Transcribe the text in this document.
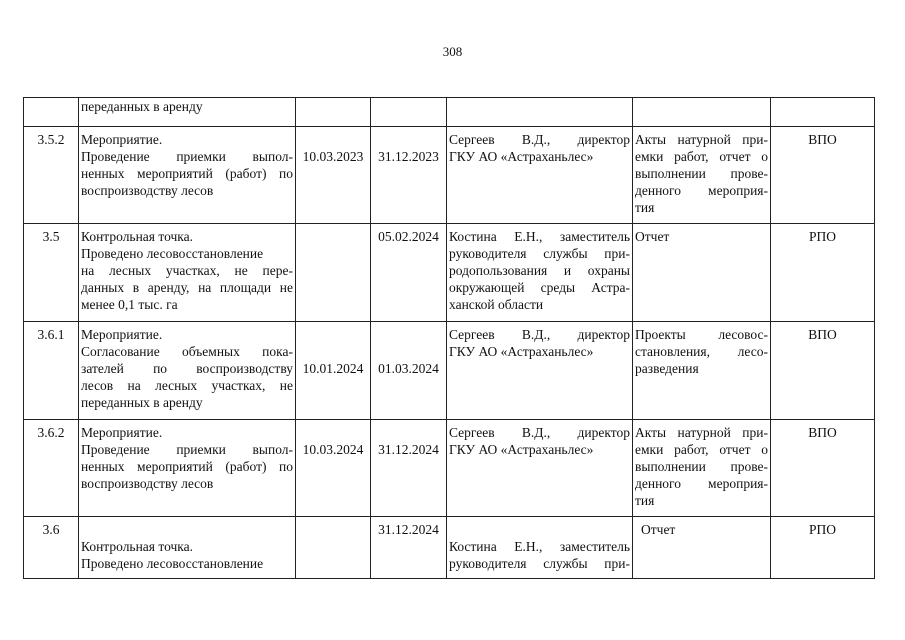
308

	переданных в аренду					

3.5.2	Мероприятие.
Проведение приемки выпол-
ненных мероприятий (работ) по
воспроизводству лесов	10.03.2023	31.12.2023	Сергеев В.Д., директор
ГКУ АО «Астраханьлес»	Акты натурной при-
емки работ, отчет о
выполнении прове-
денного мероприя-
тия	ВПО
3.5	Контрольная точка.
Проведено лесовосстановление
на лесных участках, не пере-
данных в аренду, на площади не
менее 0,1 тыс. га		05.02.2024	Костина Е.Н., заместитель
руководителя службы при-
родопользования и охраны
окружающей среды Астра-
ханской области	Отчет	РПО
3.6.1	Мероприятие.
Согласование объемных пока-
зателей по воспроизводству
лесов на лесных участках, не
переданных в аренду	10.01.2024	01.03.2024	Сергеев В.Д., директор
ГКУ АО «Астраханьлес»	Проекты лесовос-
становления, лесо-
разведения	ВПО
3.6.2	Мероприятие.
Проведение приемки выпол-
ненных мероприятий (работ) по
воспроизводству лесов	10.03.2024	31.12.2024	Сергеев В.Д., директор
ГКУ АО «Астраханьлес»	Акты натурной при-
емки работ, отчет о
выполнении прове-
денного мероприя-
тия	ВПО
3.6	Контрольная точка.
Проведено лесовосстановление		31.12.2024	Костина Е.Н., заместитель
руководителя службы при-	Отчет	РПО
